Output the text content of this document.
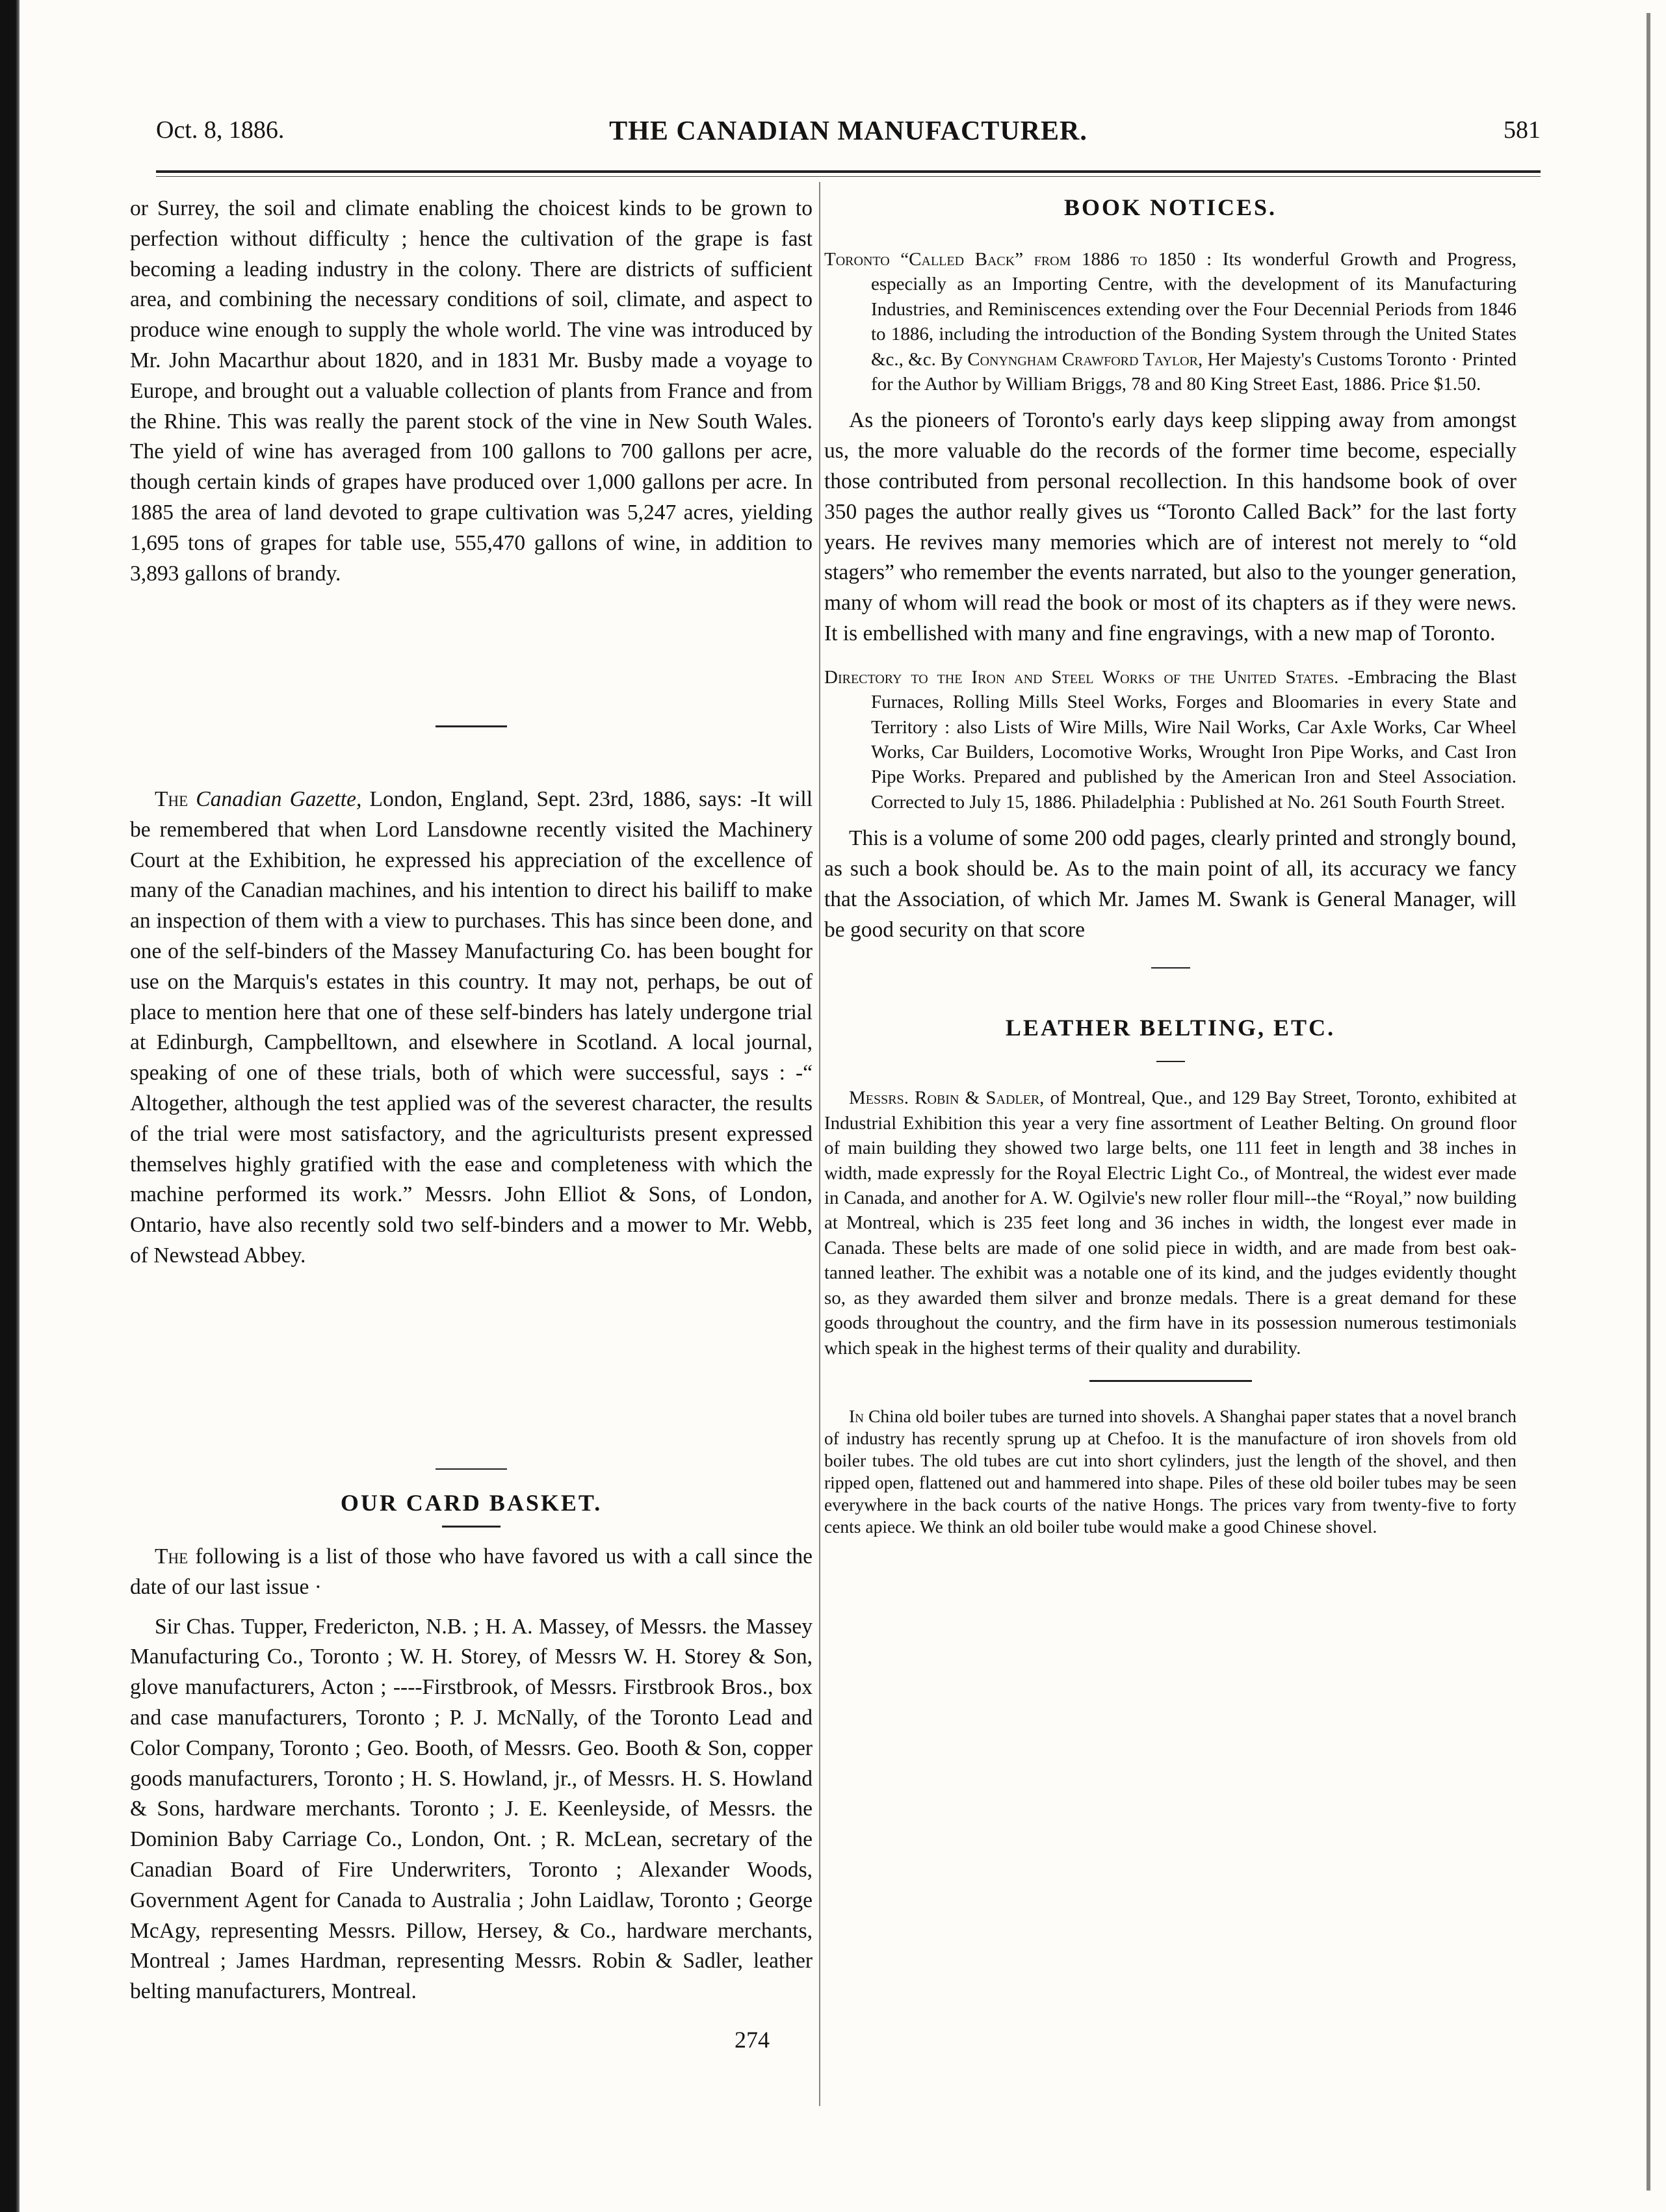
Oct. 8, 1886.	THE CANADIAN MANUFACTURER.	581

or Surrey, the soil and climate enabling the choicest kinds to be grown to perfection without difficulty ; hence the cultivation of the grape is fast becoming a leading industry in the colony. There are districts of sufficient area, and combining the necessary conditions of soil, climate, and aspect to produce wine enough to supply the whole world. The vine was introduced by Mr. John Macarthur about 1820, and in 1831 Mr. Busby made a voyage to Europe, and brought out a valuable collection of plants from France and from the Rhine. This was really the parent stock of the vine in New South Wales. The yield of wine has averaged from 100 gallons to 700 gallons per acre, though certain kinds of grapes have produced over 1,000 gallons per acre. In 1885 the area of land devoted to grape cultivation was 5,247 acres, yielding 1,695 tons of grapes for table use, 555,470 gallons of wine, in addition to 3,893 gallons of brandy.

The Canadian Gazette, London, England, Sept. 23rd, 1886, says: -It will be remembered that when Lord Lansdowne recently visited the Machinery Court at the Exhibition, he expressed his appreciation of the excellence of many of the Canadian machines, and his intention to direct his bailiff to make an inspection of them with a view to purchases. This has since been done, and one of the self-binders of the Massey Manufacturing Co. has been bought for use on the Marquis's estates in this country. It may not, perhaps, be out of place to mention here that one of these self-binders has lately undergone trial at Edinburgh, Campbelltown, and elsewhere in Scotland. A local journal, speaking of one of these trials, both of which were successful, says : -“ Altogether, although the test applied was of the severest character, the results of the trial were most satisfactory, and the agriculturists present expressed themselves highly gratified with the ease and completeness with which the machine performed its work.” Messrs. John Elliot & Sons, of London, Ontario, have also recently sold two self-binders and a mower to Mr. Webb, of Newstead Abbey.

OUR CARD BASKET.

The following is a list of those who have favored us with a call since the date of our last issue ·

Sir Chas. Tupper, Fredericton, N.B. ; H. A. Massey, of Messrs. the Massey Manufacturing Co., Toronto ; W. H. Storey, of Messrs W. H. Storey & Son, glove manufacturers, Acton ; ----Firstbrook, of Messrs. Firstbrook Bros., box and case manufacturers, Toronto ; P. J. McNally, of the Toronto Lead and Color Company, Toronto ; Geo. Booth, of Messrs. Geo. Booth & Son, copper goods manufacturers, Toronto ; H. S. Howland, jr., of Messrs. H. S. Howland & Sons, hardware merchants. Toronto ; J. E. Keenleyside, of Messrs. the Dominion Baby Carriage Co., London, Ont. ; R. McLean, secretary of the Canadian Board of Fire Underwriters, Toronto ; Alexander Woods, Government Agent for Canada to Australia ; John Laidlaw, Toronto ; George McAgy, representing Messrs. Pillow, Hersey, & Co., hardware merchants, Montreal ; James Hardman, representing Messrs. Robin & Sadler, leather belting manufacturers, Montreal.

274
BOOK NOTICES.

Toronto “Called Back” from 1886 to 1850 : Its wonderful Growth and Progress, especially as an Importing Centre, with the development of its Manufacturing Industries, and Reminiscences extending over the Four Decennial Periods from 1846 to 1886, including the introduction of the Bonding System through the United States &c., &c. By Conyngham Crawford Taylor, Her Majesty's Customs Toronto · Printed for the Author by William Briggs, 78 and 80 King Street East, 1886. Price $1.50.

As the pioneers of Toronto's early days keep slipping away from amongst us, the more valuable do the records of the former time become, especially those contributed from personal recollection. In this handsome book of over 350 pages the author really gives us “Toronto Called Back” for the last forty years. He revives many memories which are of interest not merely to “old stagers” who remember the events narrated, but also to the younger generation, many of whom will read the book or most of its chapters as if they were news. It is embellished with many and fine engravings, with a new map of Toronto.

Directory to the Iron and Steel Works of the United States. -Embracing the Blast Furnaces, Rolling Mills Steel Works, Forges and Bloomaries in every State and Territory : also Lists of Wire Mills, Wire Nail Works, Car Axle Works, Car Wheel Works, Car Builders, Locomotive Works, Wrought Iron Pipe Works, and Cast Iron Pipe Works. Prepared and published by the American Iron and Steel Association. Corrected to July 15, 1886. Philadelphia : Published at No. 261 South Fourth Street.

This is a volume of some 200 odd pages, clearly printed and strongly bound, as such a book should be. As to the main point of all, its accuracy we fancy that the Association, of which Mr. James M. Swank is General Manager, will be good security on that score

LEATHER BELTING, ETC.

Messrs. Robin & Sadler, of Montreal, Que., and 129 Bay Street, Toronto, exhibited at Industrial Exhibition this year a very fine assortment of Leather Belting. On ground floor of main building they showed two large belts, one 111 feet in length and 38 inches in width, made expressly for the Royal Electric Light Co., of Montreal, the widest ever made in Canada, and another for A. W. Ogilvie's new roller flour mill--the “Royal,” now building at Montreal, which is 235 feet long and 36 inches in width, the longest ever made in Canada. These belts are made of one solid piece in width, and are made from best oak-tanned leather. The exhibit was a notable one of its kind, and the judges evidently thought so, as they awarded them silver and bronze medals. There is a great demand for these goods throughout the country, and the firm have in its possession numerous testimonials which speak in the highest terms of their quality and durability.

In China old boiler tubes are turned into shovels. A Shanghai paper states that a novel branch of industry has recently sprung up at Chefoo. It is the manufacture of iron shovels from old boiler tubes. The old tubes are cut into short cylinders, just the length of the shovel, and then ripped open, flattened out and hammered into shape. Piles of these old boiler tubes may be seen everywhere in the back courts of the native Hongs. The prices vary from twenty-five to forty cents apiece. We think an old boiler tube would make a good Chinese shovel.
